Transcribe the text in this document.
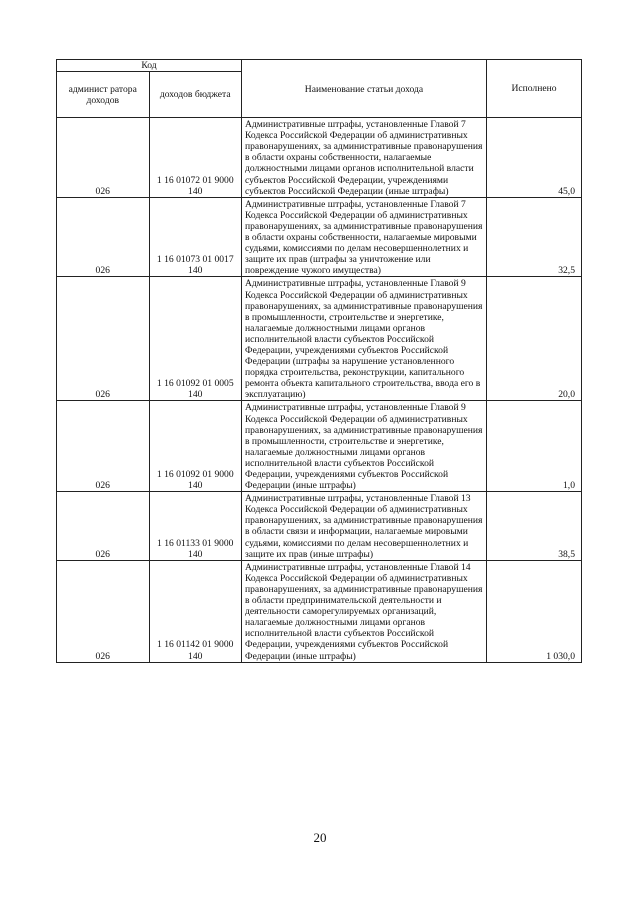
Код		Наименование статьи дохода	Исполнено
админист ратора доходов	доходов бюджета		
026	1 16 01072 01 9000 140	Административные штрафы, установленные Главой 7 Кодекса Российской Федерации об административных правонарушениях, за административные правонарушения в области охраны собственности, налагаемые должностными лицами органов исполнительной власти субъектов Российской Федерации, учреждениями субъектов Российской Федерации (иные штрафы)	45,0
026	1 16 01073 01 0017 140	Административные штрафы, установленные Главой 7 Кодекса Российской Федерации об административных правонарушениях, за административные правонарушения в области охраны собственности, налагаемые мировыми судьями, комиссиями по делам несовершеннолетних и защите их прав (штрафы за уничтожение или повреждение чужого имущества)	32,5
026	1 16 01092 01 0005 140	Административные штрафы, установленные Главой 9 Кодекса Российской Федерации об административных правонарушениях, за административные правонарушения в промышленности, строительстве и энергетике, налагаемые должностными лицами органов исполнительной власти субъектов Российской Федерации, учреждениями субъектов Российской Федерации (штрафы за нарушение установленного порядка строительства, реконструкции, капитального ремонта объекта капитального строительства, ввода его в эксплуатацию)	20,0
026	1 16 01092 01 9000 140	Административные штрафы, установленные Главой 9 Кодекса Российской Федерации об административных правонарушениях, за административные правонарушения в промышленности, строительстве и энергетике, налагаемые должностными лицами органов исполнительной власти субъектов Российской Федерации, учреждениями субъектов Российской Федерации (иные штрафы)	1,0
026	1 16 01133 01 9000 140	Административные штрафы, установленные Главой 13 Кодекса Российской Федерации об административных правонарушениях, за административные правонарушения в области связи и информации, налагаемые мировыми судьями, комиссиями по делам несовершеннолетних и защите их прав (иные штрафы)	38,5
026	1 16 01142 01 9000 140	Административные штрафы, установленные Главой 14 Кодекса Российской Федерации об административных правонарушениях, за административные правонарушения в области предпринимательской деятельности и деятельности саморегулируемых организаций, налагаемые должностными лицами органов исполнительной власти субъектов Российской Федерации, учреждениями субъектов Российской Федерации (иные штрафы)	1 030,0
20
